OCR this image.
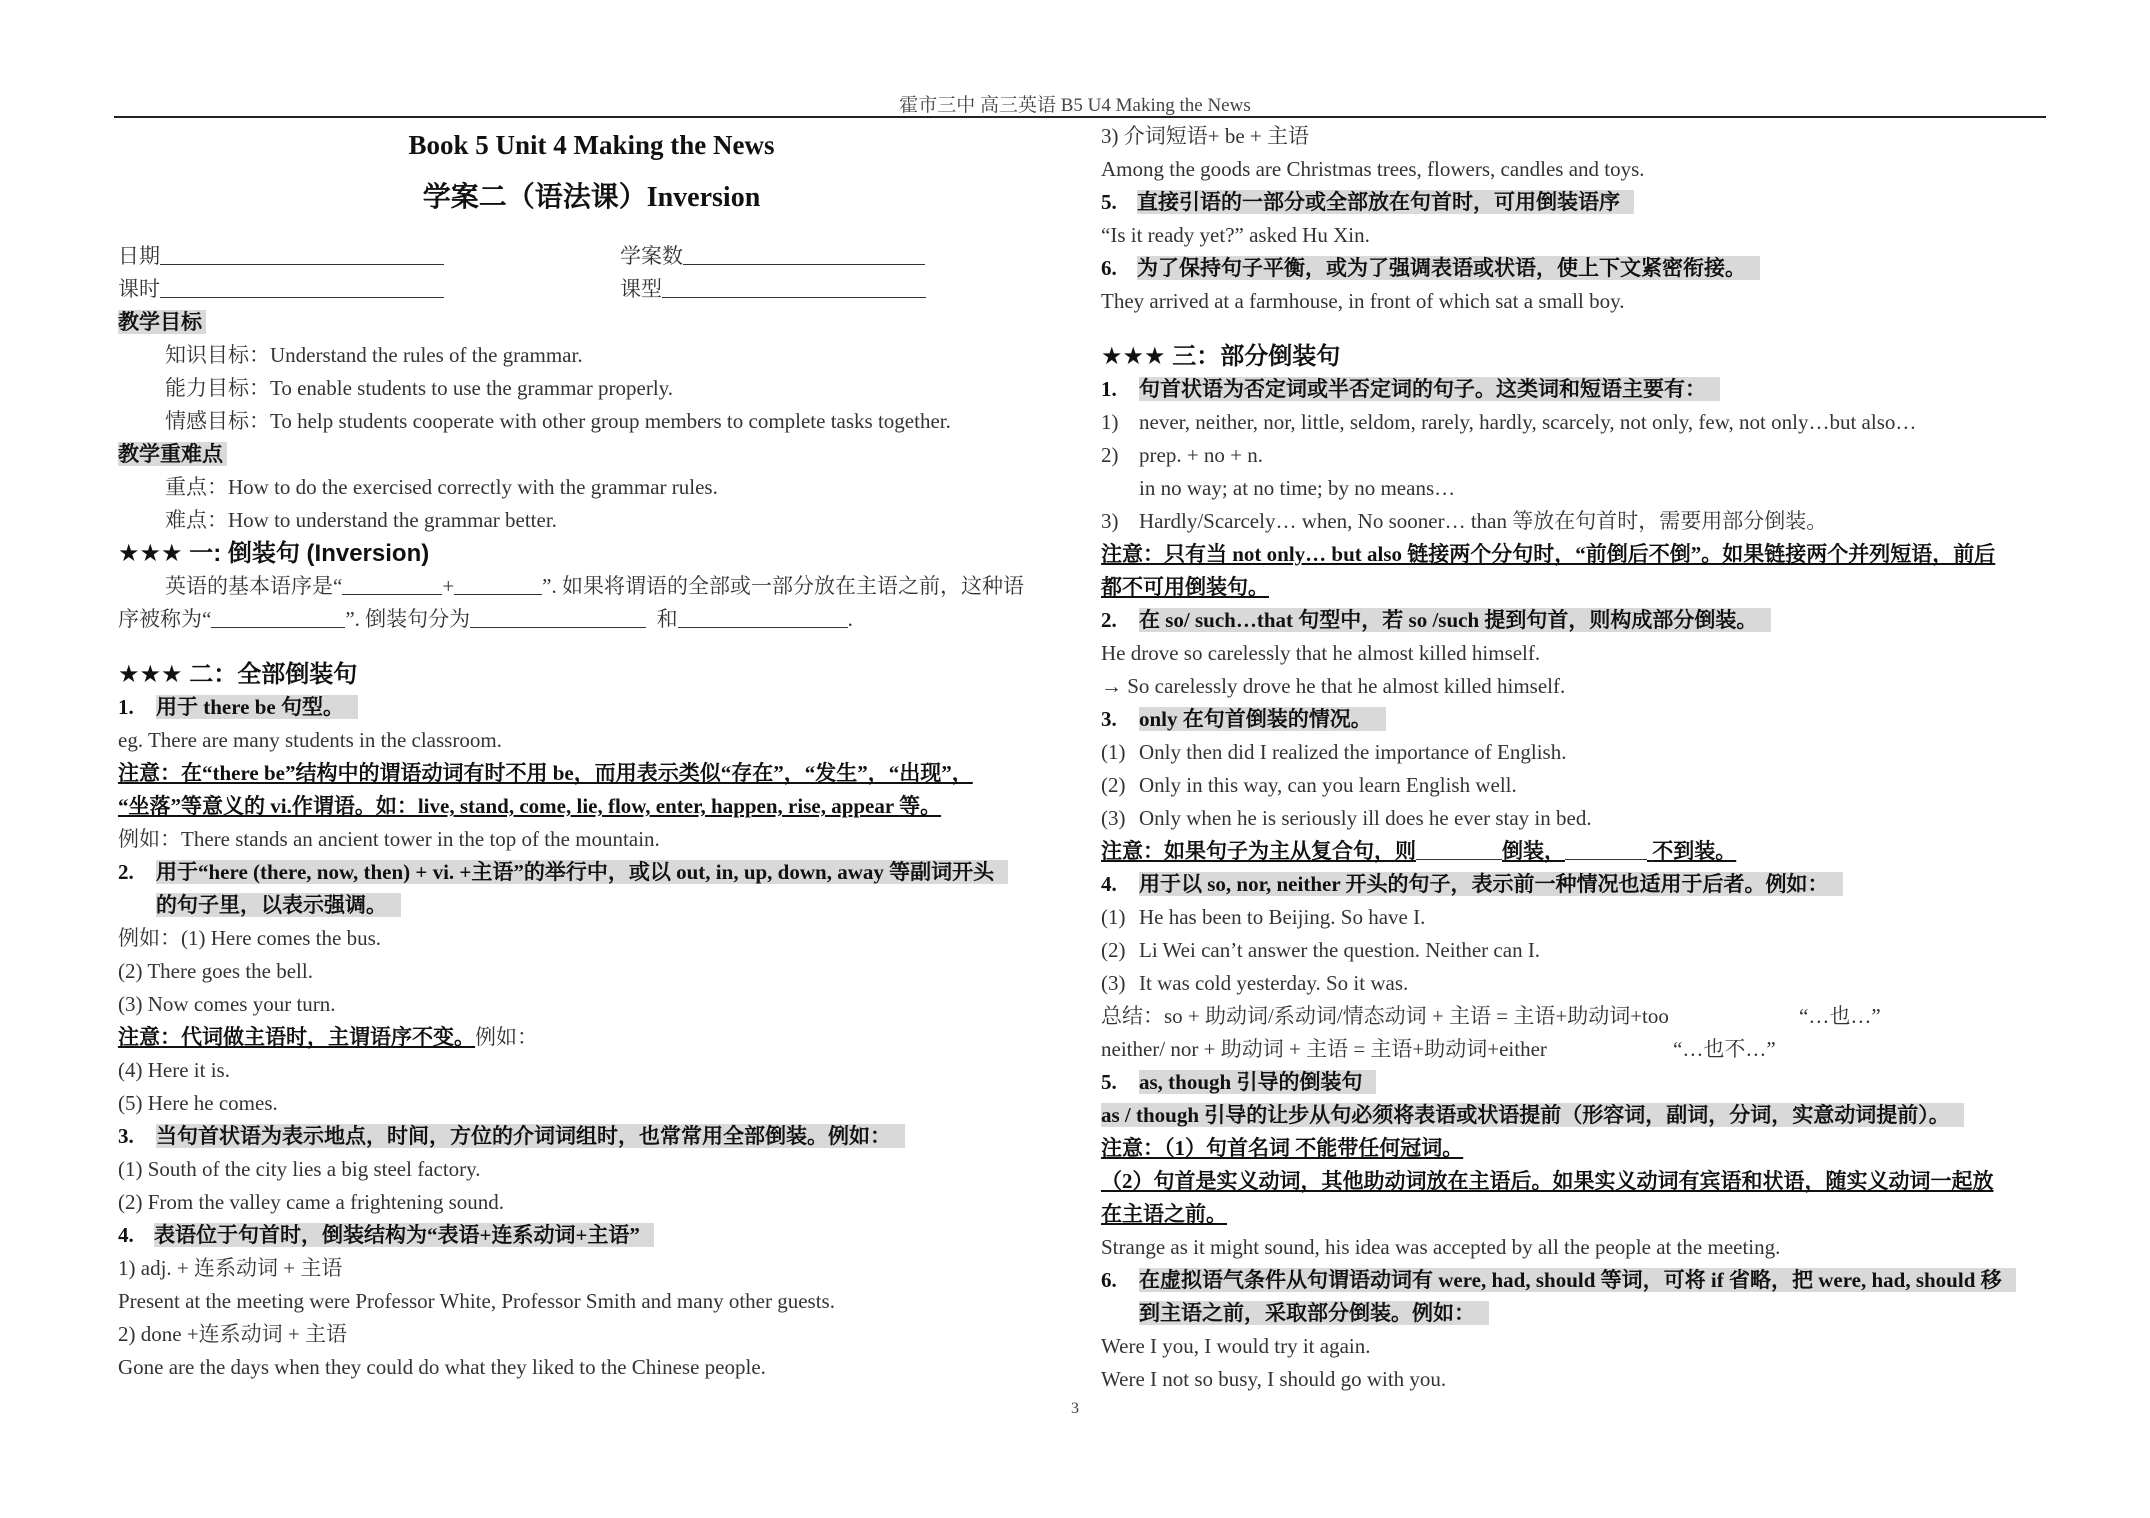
霍市三中 高三英语 B5 U4 Making the News
Book 5 Unit 4 Making the News
学案二（语法课）Inversion
日期	学案数
课时	课型
教学目标
知识目标：Understand the rules of the grammar.
能力目标：To enable students to use the grammar properly.
情感目标：To help students cooperate with other group members to complete tasks together.
教学重难点
重点：How to do the exercised correctly with the grammar rules.
难点：How to understand the grammar better.
★★★ 一: 倒装句 (Inversion)
英语的基本语序是“	+	”. 如果将谓语的全部或一部分放在主语之前，这种语
序被称为“	”. 倒装句分为	和	.
★★★ 二：全部倒装句
1. 用于 there be 句型。
eg. There are many students in the classroom.
注意：在“there be”结构中的谓语动词有时不用 be，而用表示类似“存在”，“发生”，“出现”，
“坐落”等意义的 vi.作谓语。如：live, stand, come, lie, flow, enter, happen, rise, appear 等。
例如：There stands an ancient tower in the top of the mountain.
2. 用于“here (there, now, then) + vi. +主语”的举行中，或以 out, in, up, down, away 等副词开头
的句子里，以表示强调。
例如：(1) Here comes the bus.
(2) There goes the bell.
(3) Now comes your turn.
注意：代词做主语时，主谓语序不变。例如：
(4) Here it is.
(5) Here he comes.
3. 当句首状语为表示地点，时间，方位的介词词组时，也常常用全部倒装。例如：
(1) South of the city lies a big steel factory.
(2) From the valley came a frightening sound.
4. 表语位于句首时，倒装结构为“表语+连系动词+主语”
1) adj. + 连系动词 + 主语
Present at the meeting were Professor White, Professor Smith and many other guests.
2) done +连系动词 + 主语
Gone are the days when they could do what they liked to the Chinese people.
3) 介词短语+ be + 主语
Among the goods are Christmas trees, flowers, candles and toys.
5. 直接引语的一部分或全部放在句首时，可用倒装语序
“Is it ready yet?” asked Hu Xin.
6. 为了保持句子平衡，或为了强调表语或状语，使上下文紧密衔接。
They arrived at a farmhouse, in front of which sat a small boy.
★★★ 三：部分倒装句
1. 句首状语为否定词或半否定词的句子。这类词和短语主要有：
1) never, neither, nor, little, seldom, rarely, hardly, scarcely, not only, few, not only…but also…
2) prep. + no + n.
in no way; at no time; by no means…
3) Hardly/Scarcely… when, No sooner… than 等放在句首时，需要用部分倒装。
注意：只有当 not only… but also 链接两个分句时，“前倒后不倒”。如果链接两个并列短语，前后
都不可用倒装句。
2. 在 so/ such…that 句型中，若 so /such 提到句首，则构成部分倒装。
He drove so carelessly that he almost killed himself.
→ So carelessly drove he that he almost killed himself.
3. only 在句首倒装的情况。
(1) Only then did I realized the importance of English.
(2) Only in this way, can you learn English well.
(3) Only when he is seriously ill does he ever stay in bed.
注意：如果句子为主从复合句，则	倒装，	不到装。
4. 用于以 so, nor, neither 开头的句子，表示前一种情况也适用于后者。例如：
(1) He has been to Beijing. So have I.
(2) Li Wei can’t answer the question. Neither can I.
(3) It was cold yesterday. So it was.
总结：so + 助动词/系动词/情态动词 + 主语 = 主语+助动词+too	“…也…”
neither/ nor + 助动词 + 主语 = 主语+助动词+either	“…也不…”
5. as, though 引导的倒装句
as / though 引导的让步从句必须将表语或状语提前（形容词，副词，分词，实意动词提前）。
注意：（1）句首名词 不能带任何冠词。
（2）句首是实义动词，其他助动词放在主语后。如果实义动词有宾语和状语，随实义动词一起放
在主语之前。
Strange as it might sound, his idea was accepted by all the people at the meeting.
6. 在虚拟语气条件从句谓语动词有 were, had, should 等词，可将 if 省略，把 were, had, should 移
到主语之前，采取部分倒装。例如：
Were I you, I would try it again.
Were I not so busy, I should go with you.
3
